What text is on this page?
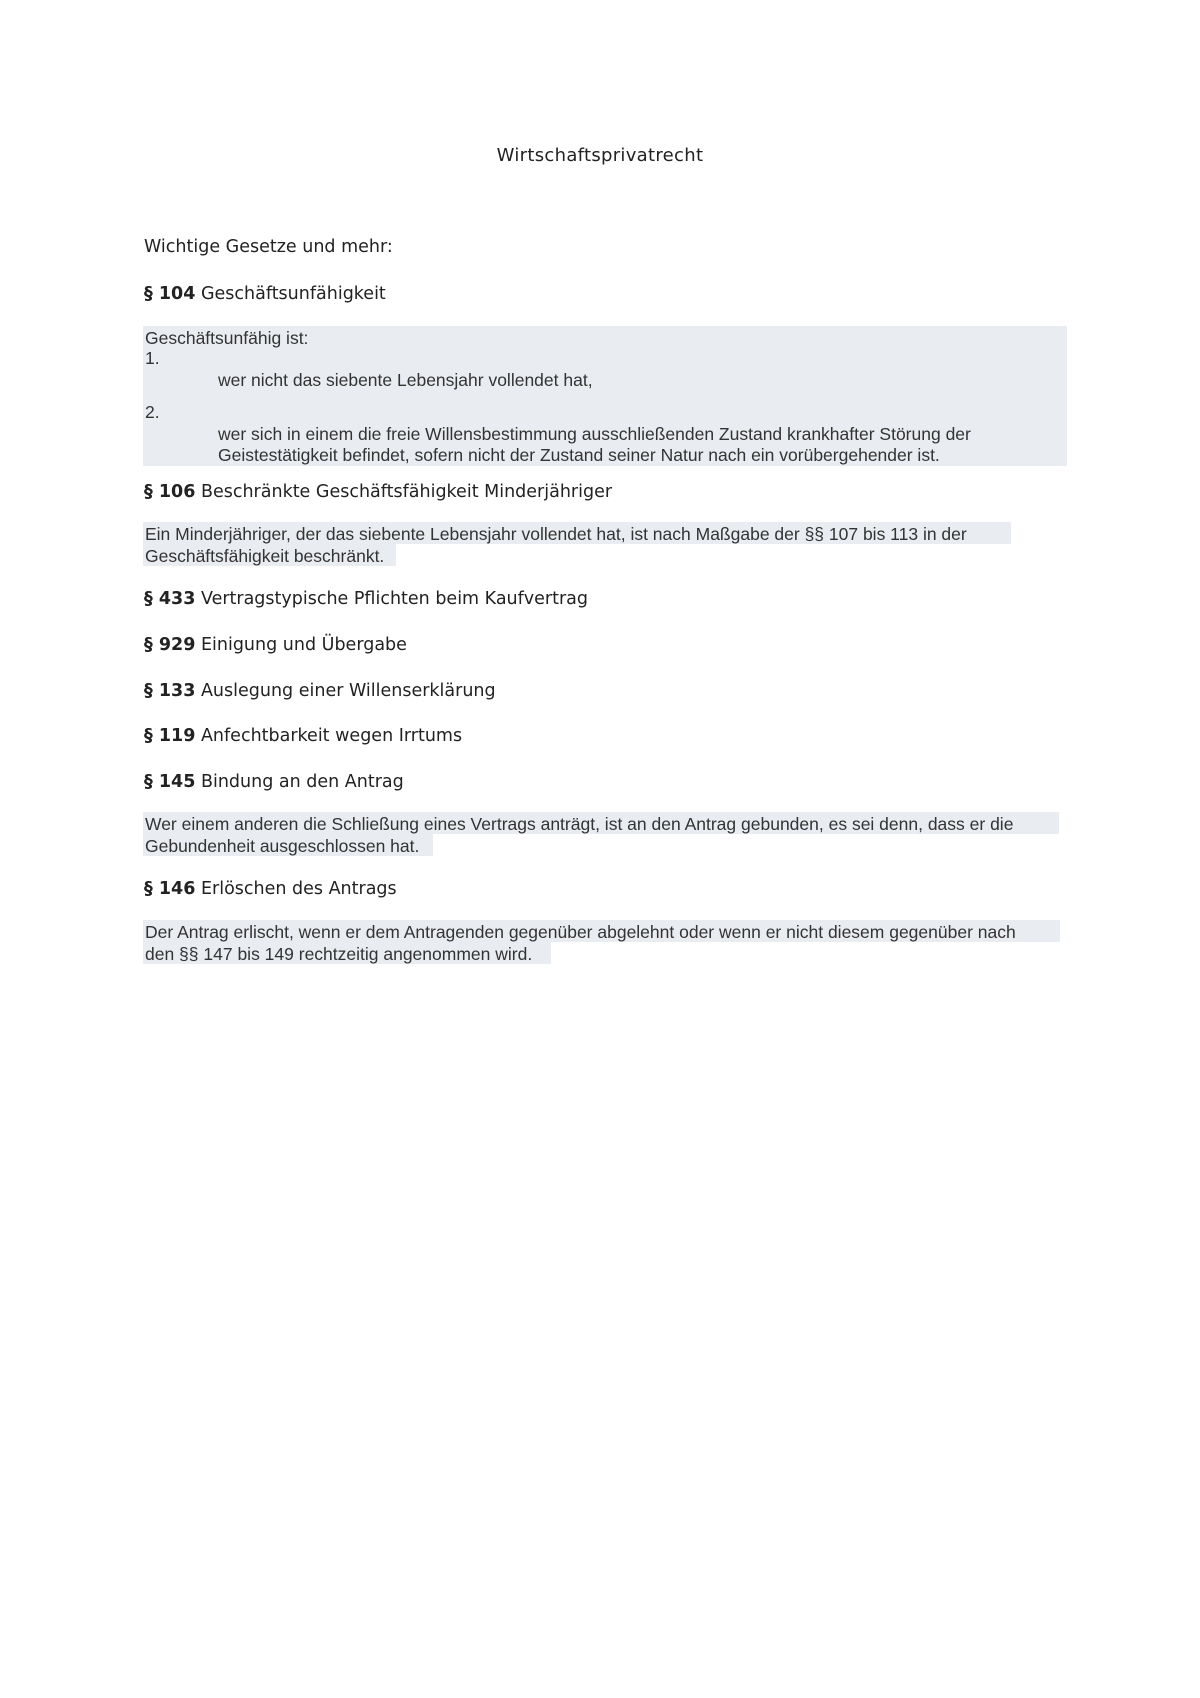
Wirtschaftsprivatrecht
Wichtige Gesetze und mehr:
§ 104 Geschäftsunfähigkeit
Geschäftsunfähig ist:
1.
wer nicht das siebente Lebensjahr vollendet hat,
2.
wer sich in einem die freie Willensbestimmung ausschließenden Zustand krankhafter Störung der
Geistestätigkeit befindet, sofern nicht der Zustand seiner Natur nach ein vorübergehender ist.
§ 106 Beschränkte Geschäftsfähigkeit Minderjähriger
Ein Minderjähriger, der das siebente Lebensjahr vollendet hat, ist nach Maßgabe der §§ 107 bis 113 in der
Geschäftsfähigkeit beschränkt.
§ 433 Vertragstypische Pflichten beim Kaufvertrag
§ 929 Einigung und Übergabe
§ 133 Auslegung einer Willenserklärung
§ 119 Anfechtbarkeit wegen Irrtums
§ 145 Bindung an den Antrag
Wer einem anderen die Schließung eines Vertrags anträgt, ist an den Antrag gebunden, es sei denn, dass er die
Gebundenheit ausgeschlossen hat.
§ 146 Erlöschen des Antrags
Der Antrag erlischt, wenn er dem Antragenden gegenüber abgelehnt oder wenn er nicht diesem gegenüber nach
den §§ 147 bis 149 rechtzeitig angenommen wird.
